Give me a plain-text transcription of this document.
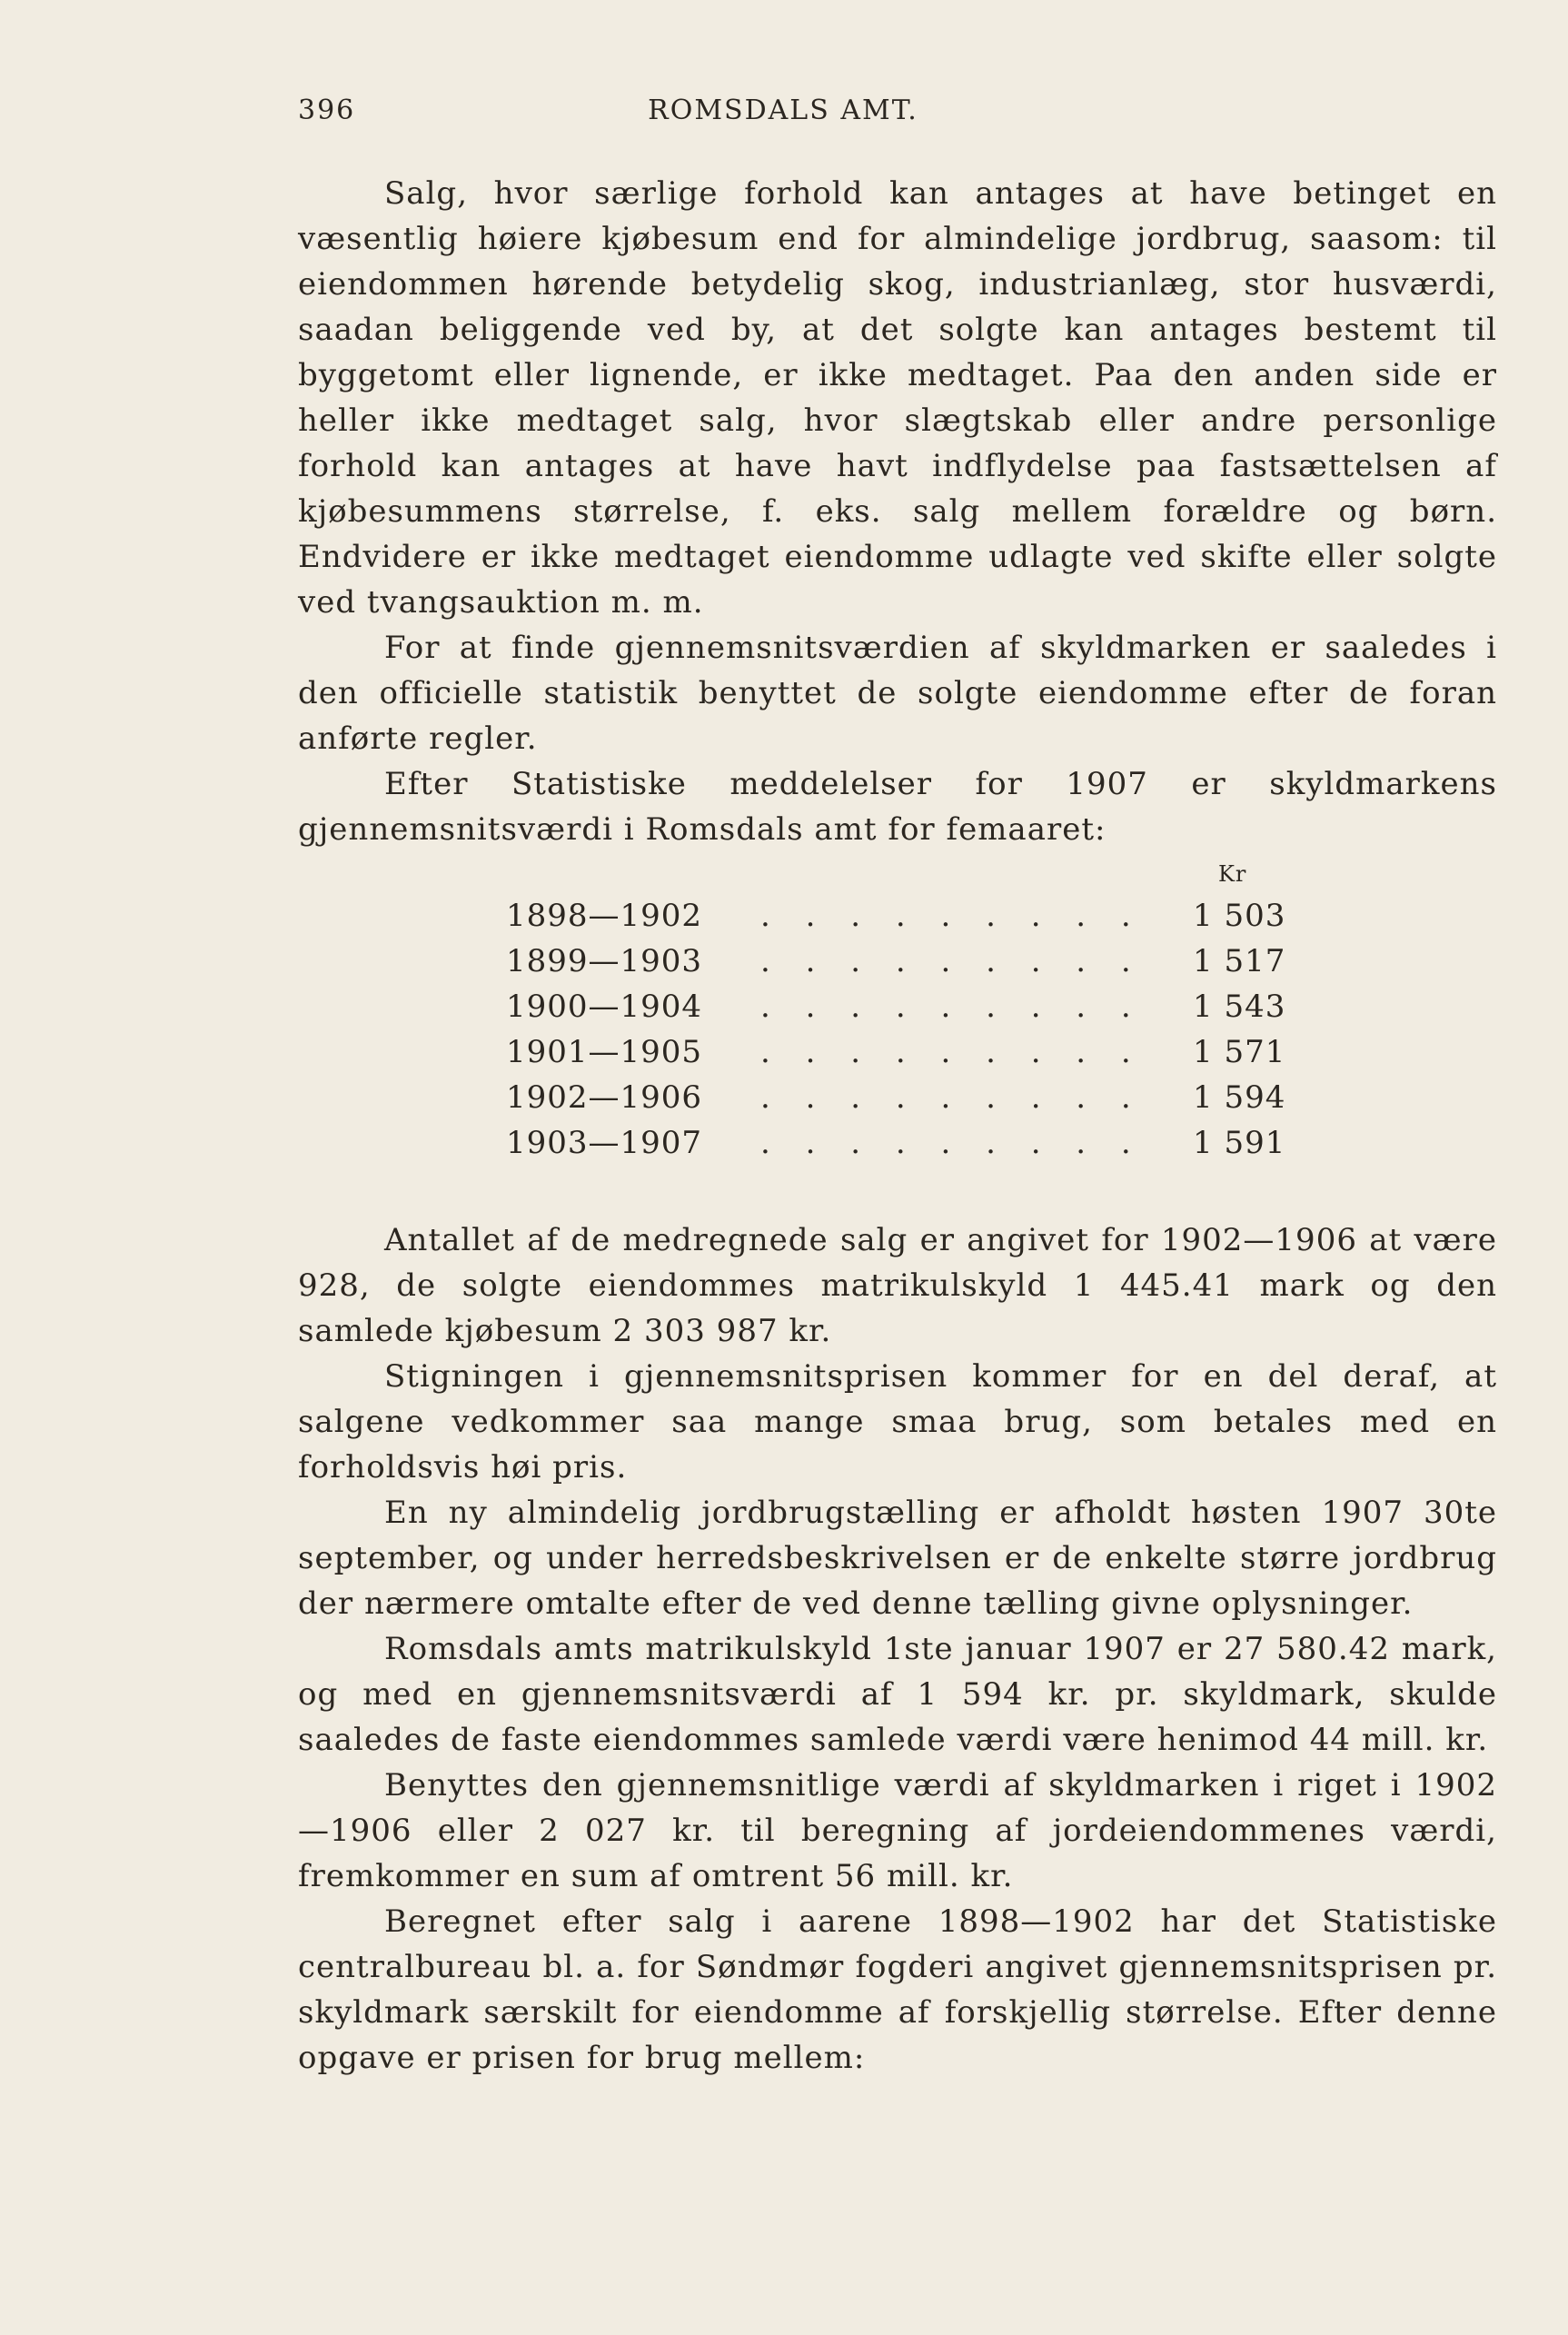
396	ROMSDALS AMT.

Salg, hvor særlige forhold kan antages at have betinget en væsentlig høiere kjøbesum end for almindelige jordbrug, saasom: til eiendommen hørende betydelig skog, industrianlæg, stor husværdi, saadan beliggende ved by, at det solgte kan antages bestemt til byggetomt eller lignende, er ikke medtaget. Paa den anden side er heller ikke medtaget salg, hvor slægtskab eller andre personlige forhold kan antages at have havt indflydelse paa fastsættelsen af kjøbesummens størrelse, f. eks. salg mellem forældre og børn. Endvidere er ikke medtaget eiendomme udlagte ved skifte eller solgte ved tvangsauktion m. m.

For at finde gjennemsnitsværdien af skyldmarken er saaledes i den officielle statistik benyttet de solgte eiendomme efter de foran anførte regler.

Efter Statistiske meddelelser for 1907 er skyldmarkens gjennemsnitsværdi i Romsdals amt for femaaret:

Kr
1898—1902 . . . . . . . . . 1 503
1899—1903 . . . . . . . . . 1 517
1900—1904 . . . . . . . . . 1 543
1901—1905 . . . . . . . . . 1 571
1902—1906 . . . . . . . . . 1 594
1903—1907 . . . . . . . . . 1 591

Antallet af de medregnede salg er angivet for 1902—1906 at være 928, de solgte eiendommes matrikulskyld 1 445.41 mark og den samlede kjøbesum 2 303 987 kr.

Stigningen i gjennemsnitsprisen kommer for en del deraf, at salgene vedkommer saa mange smaa brug, som betales med en forholdsvis høi pris.

En ny almindelig jordbrugstælling er afholdt høsten 1907 30te september, og under herredsbeskrivelsen er de enkelte større jordbrug der nærmere omtalte efter de ved denne tælling givne oplysninger.

Romsdals amts matrikulskyld 1ste januar 1907 er 27 580.42 mark, og med en gjennemsnitsværdi af 1 594 kr. pr. skyldmark, skulde saaledes de faste eiendommes samlede værdi være henimod 44 mill. kr.

Benyttes den gjennemsnitlige værdi af skyldmarken i riget i 1902—1906 eller 2 027 kr. til beregning af jordeiendommenes værdi, fremkommer en sum af omtrent 56 mill. kr.

Beregnet efter salg i aarene 1898—1902 har det Statistiske centralbureau bl. a. for Søndmør fogderi angivet gjennemsnitsprisen pr. skyldmark særskilt for eiendomme af forskjellig størrelse. Efter denne opgave er prisen for brug mellem:
